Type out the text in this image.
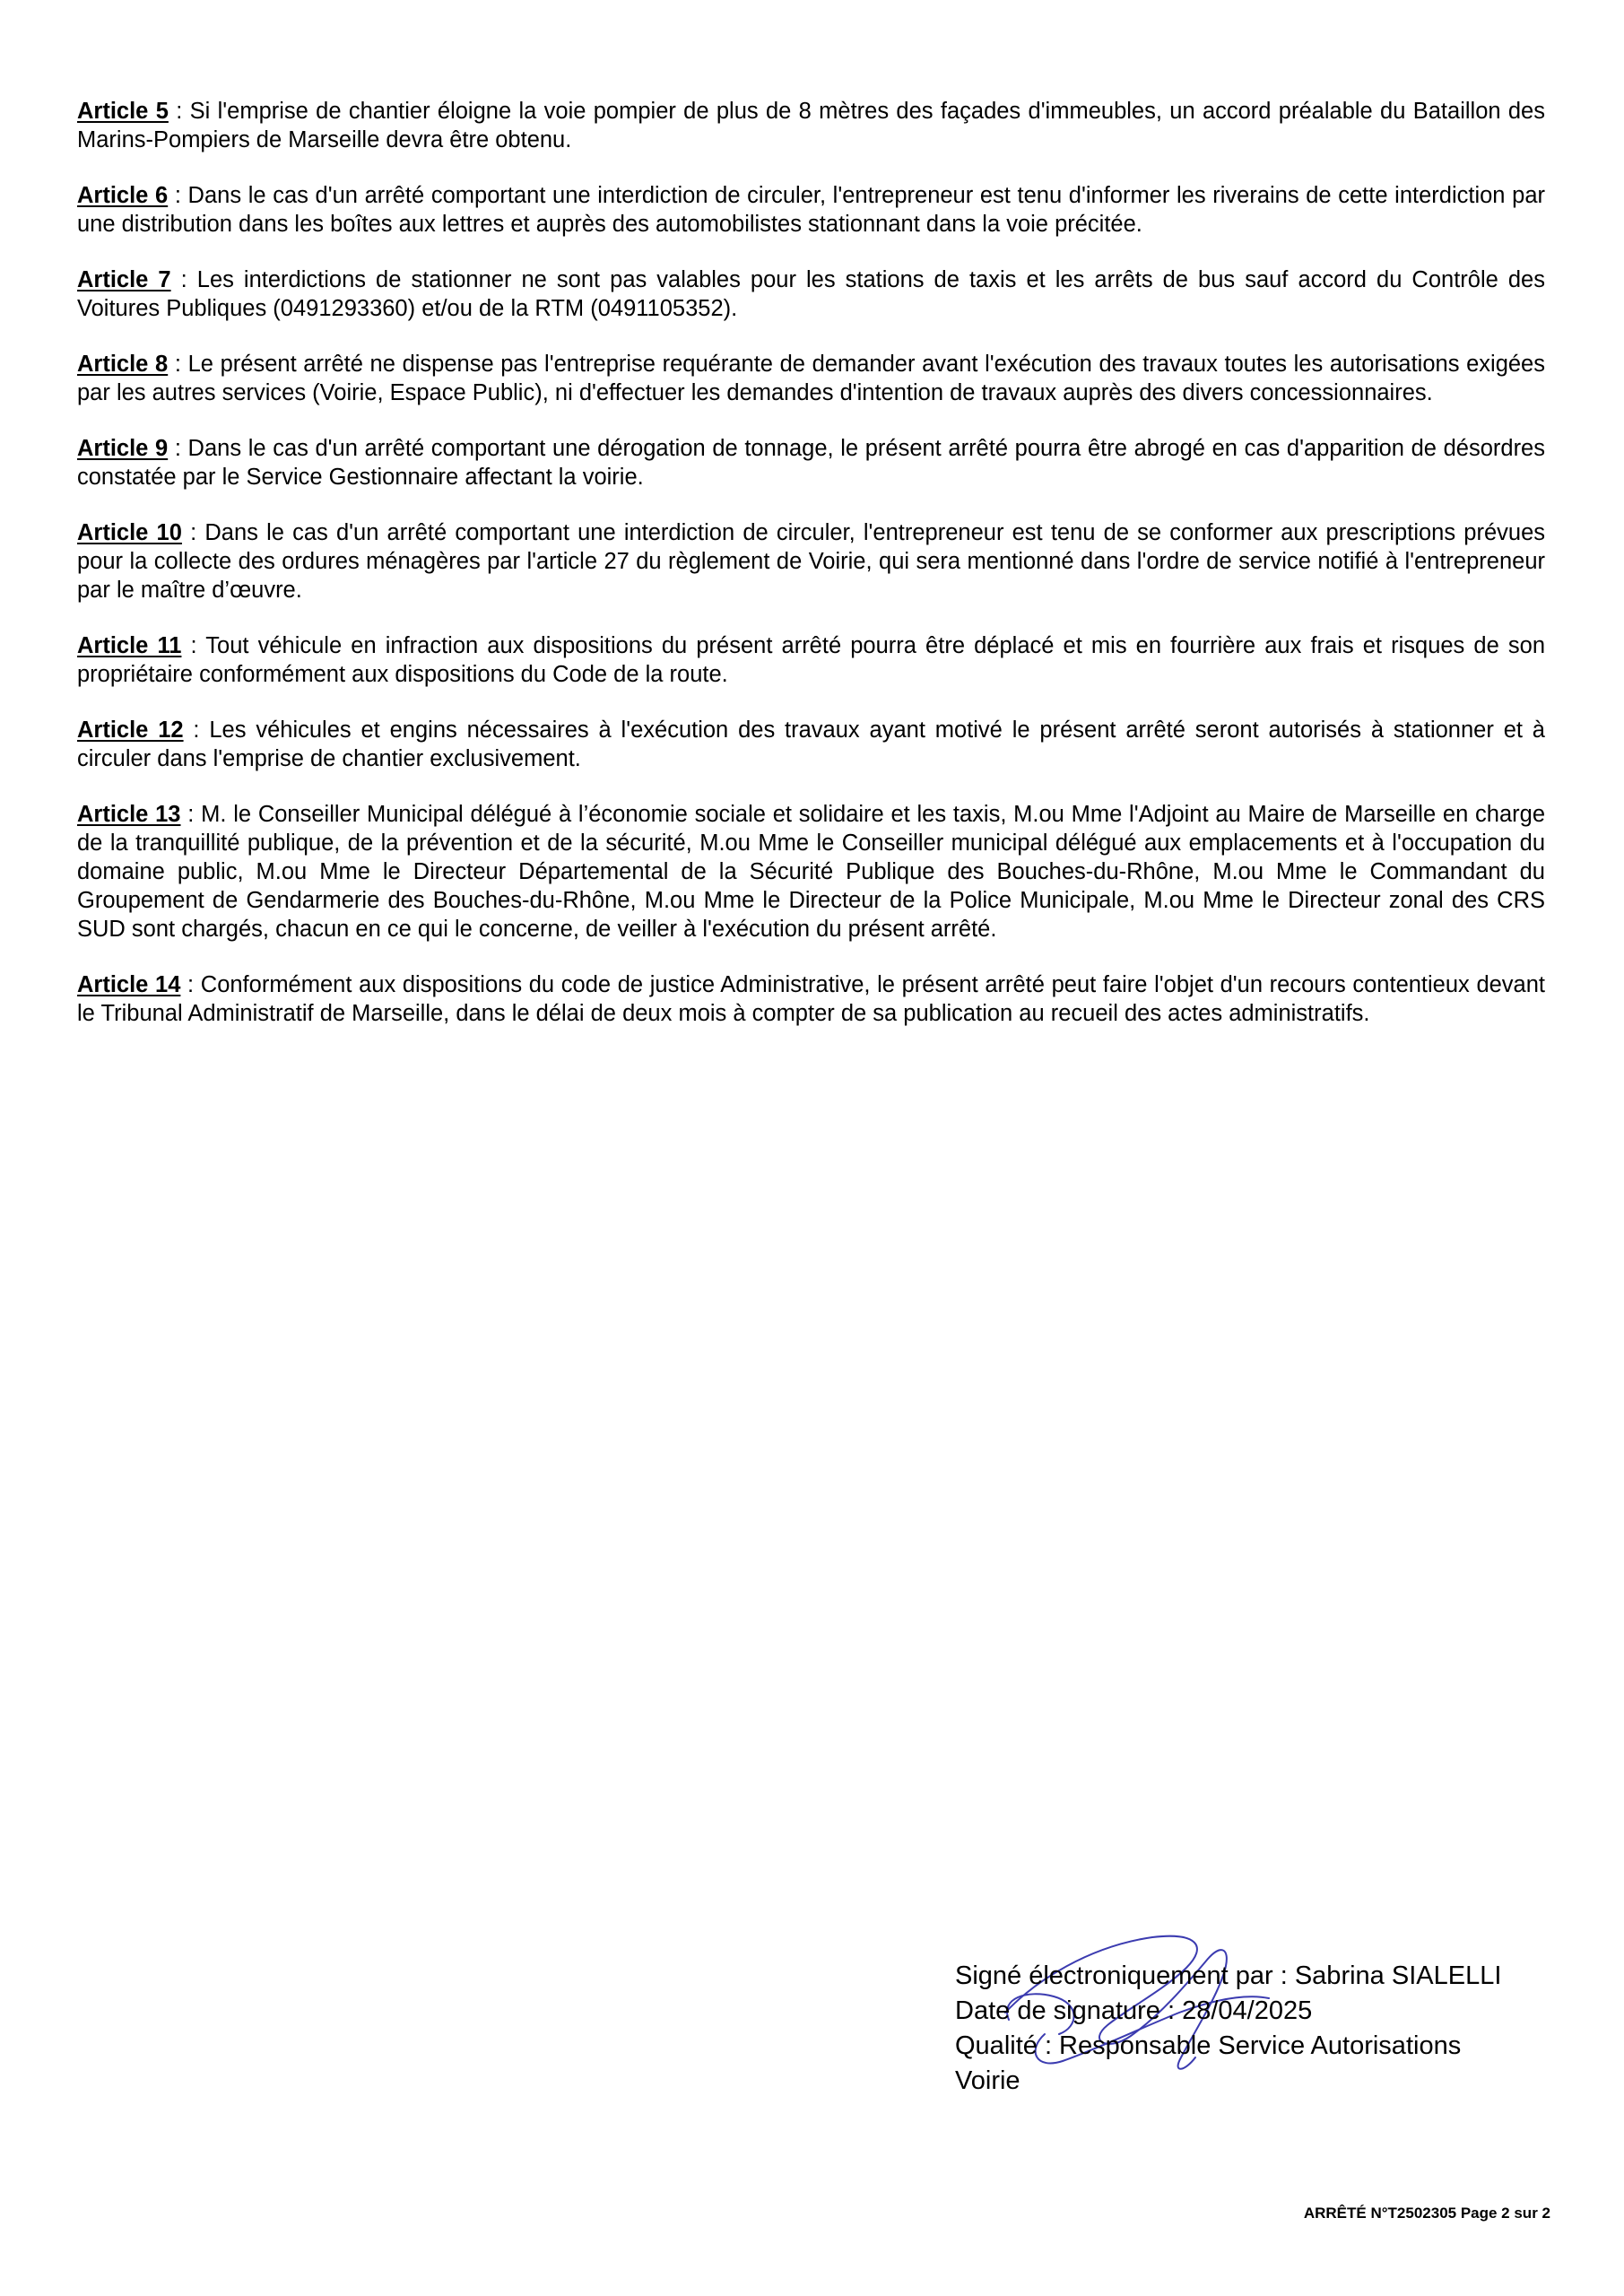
Article 5 : Si l'emprise de chantier éloigne la voie pompier de plus de 8 mètres des façades d'immeubles, un accord préalable du Bataillon des Marins-Pompiers de Marseille devra être obtenu.

Article 6 : Dans le cas d'un arrêté comportant une interdiction de circuler, l'entrepreneur est tenu d'informer les riverains de cette interdiction par une distribution dans les boîtes aux lettres et auprès des automobilistes stationnant dans la voie précitée.

Article 7 : Les interdictions de stationner ne sont pas valables pour les stations de taxis et les arrêts de bus sauf accord du Contrôle des Voitures Publiques (0491293360) et/ou de la RTM (0491105352).

Article 8 : Le présent arrêté ne dispense pas l'entreprise requérante de demander avant l'exécution des travaux toutes les autorisations exigées par les autres services (Voirie, Espace Public), ni d'effectuer les demandes d'intention de travaux auprès des divers concessionnaires.

Article 9 : Dans le cas d'un arrêté comportant une dérogation de tonnage, le présent arrêté pourra être abrogé en cas d'apparition de désordres constatée par le Service Gestionnaire affectant la voirie.

Article 10 : Dans le cas d'un arrêté comportant une interdiction de circuler, l'entrepreneur est tenu de se conformer aux prescriptions prévues pour la collecte des ordures ménagères par l'article 27 du règlement de Voirie, qui sera mentionné dans l'ordre de service notifié à l'entrepreneur par le maître d’œuvre.

Article 11 : Tout véhicule en infraction aux dispositions du présent arrêté pourra être déplacé et mis en fourrière aux frais et risques de son propriétaire conformément aux dispositions du Code de la route.

Article 12 : Les véhicules et engins nécessaires à l'exécution des travaux ayant motivé le présent arrêté seront autorisés à stationner et à circuler dans l'emprise de chantier exclusivement.

Article 13 : M. le Conseiller Municipal délégué à l’économie sociale et solidaire et les taxis, M.ou Mme l'Adjoint au Maire de Marseille en charge de la tranquillité publique, de la prévention et de la sécurité, M.ou Mme le Conseiller municipal délégué aux emplacements et à l'occupation du domaine public, M.ou Mme le Directeur Départemental de la Sécurité Publique des Bouches-du-Rhône, M.ou Mme le Commandant du Groupement de Gendarmerie des Bouches-du-Rhône, M.ou Mme le Directeur de la Police Municipale, M.ou Mme le Directeur zonal des CRS SUD sont chargés, chacun en ce qui le concerne, de veiller à l'exécution du présent arrêté.

Article 14 : Conformément aux dispositions du code de justice Administrative, le présent arrêté peut faire l'objet d'un recours contentieux devant le Tribunal Administratif de Marseille, dans le délai de deux mois à compter de sa publication au recueil des actes administratifs.

Signé électroniquement par : Sabrina SIALELLI
Date de signature : 28/04/2025
Qualité : Responsable Service Autorisations
Voirie
ARRÊTÉ N°T2502305 Page 2 sur 2
